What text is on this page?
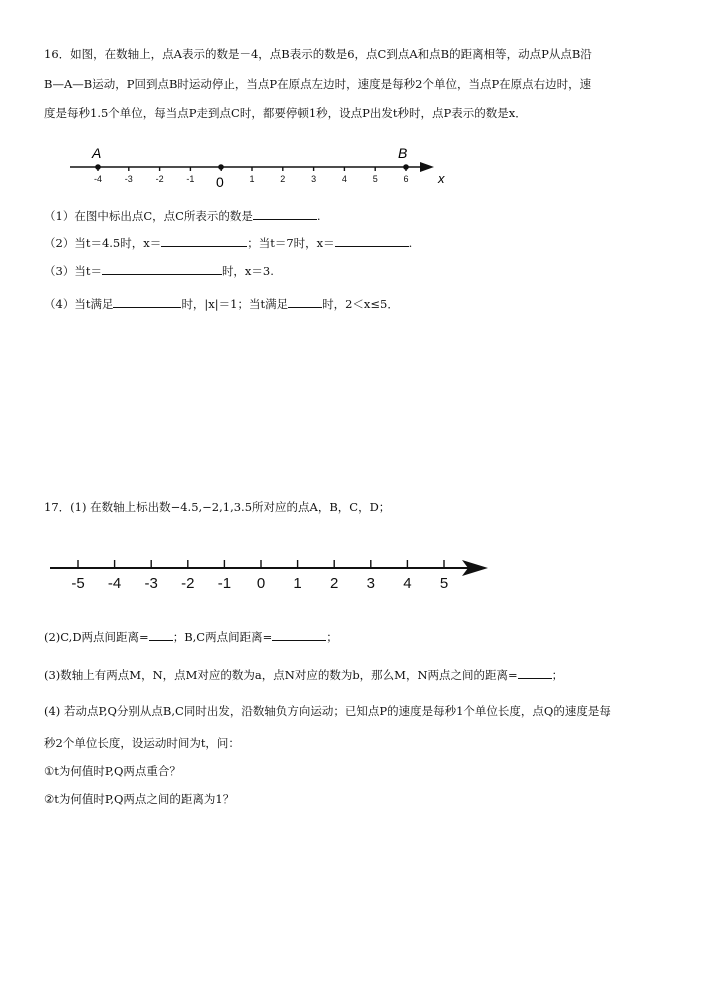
16．如图，在数轴上，点A表示的数是－4，点B表示的数是6，点C到点A和点B的距离相等，动点P从点B沿
B—A—B运动，P回到点B时运动停止，当点P在原点左边时，速度是每秒2个单位，当点P在原点右边时，速
度是每秒1.5个单位，每当点P走到点C时，都要停顿1秒，设点P出发t秒时，点P表示的数是x．
-4	-3	-2	-1	1	2	3	4	5	6
A	B
x
0
（1）在图中标出点C，点C所表示的数是	.
（2）当t＝4.5时，x＝	；当t＝7时，x＝	.
（3）当t＝	时，x＝3.
（4）当t满足	时，|x|＝1；当t满足	时，2＜x≤5．
17．(1) 在数轴上标出数−4.5,−2,1,3.5所对应的点A，B，C，D；
-5 -4 -3 -2 -1 0 1 2 3 4 5
(2)C,D两点间距离= ；B,C两点间距离=	；
(3)数轴上有两点M，N，点M对应的数为a，点N对应的数为b，那么M，N两点之间的距离=	；
(4) 若动点P,Q分别从点B,C同时出发，沿数轴负方向运动；已知点P的速度是每秒1个单位长度，点Q的速度是每
秒2个单位长度，设运动时间为t，问：
①t为何值时P,Q两点重合？
②t为何值时P,Q两点之间的距离为1？
